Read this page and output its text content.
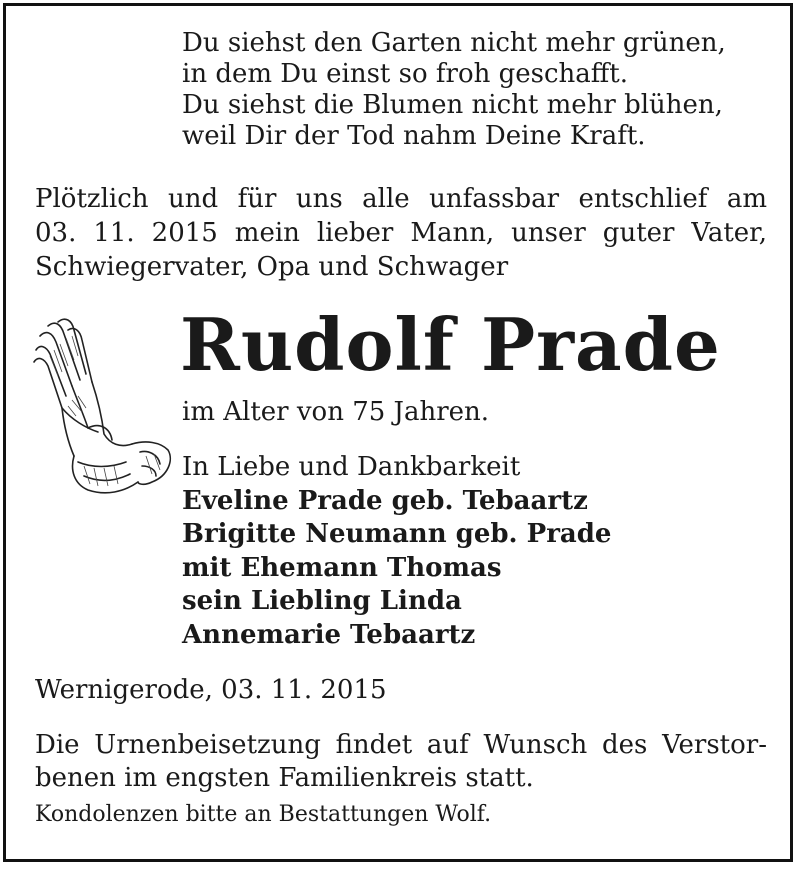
Du siehst den Garten nicht mehr grünen,
in dem Du einst so froh geschafft.
Du siehst die Blumen nicht mehr blühen,
weil Dir der Tod nahm Deine Kraft.
Plötzlich und für uns alle unfassbar entschlief am
03. 11. 2015 mein lieber Mann, unser guter Vater,
Schwiegervater, Opa und Schwager
Rudolf Prade
im Alter von 75 Jahren.
In Liebe und Dankbarkeit
Eveline Prade geb. Tebaartz
Brigitte Neumann geb. Prade
mit Ehemann Thomas
sein Liebling Linda
Annemarie Tebaartz
Wernigerode, 03. 11. 2015
Die Urnenbeisetzung findet auf Wunsch des Verstor-
benen im engsten Familienkreis statt.
Kondolenzen bitte an Bestattungen Wolf.
